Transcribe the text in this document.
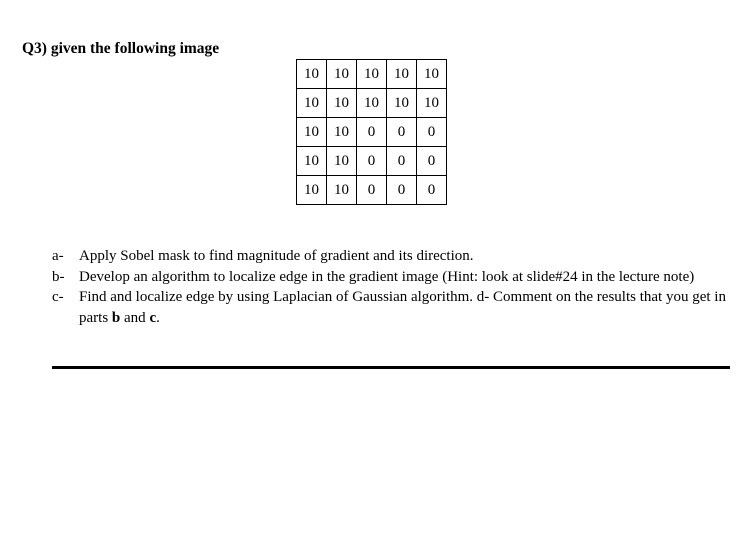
Q3) given the following image
10	10	10	10	10
10	10	10	10	10
10	10	0	0	0
10	10	0	0	0
10	10	0	0	0
a- Apply Sobel mask to find magnitude of gradient and its direction.
b- Develop an algorithm to localize edge in the gradient image (Hint: look at slide#24 in the lecture note)
c- Find and localize edge by using Laplacian of Gaussian algorithm. d- Comment on the results that you get in parts b and c.
